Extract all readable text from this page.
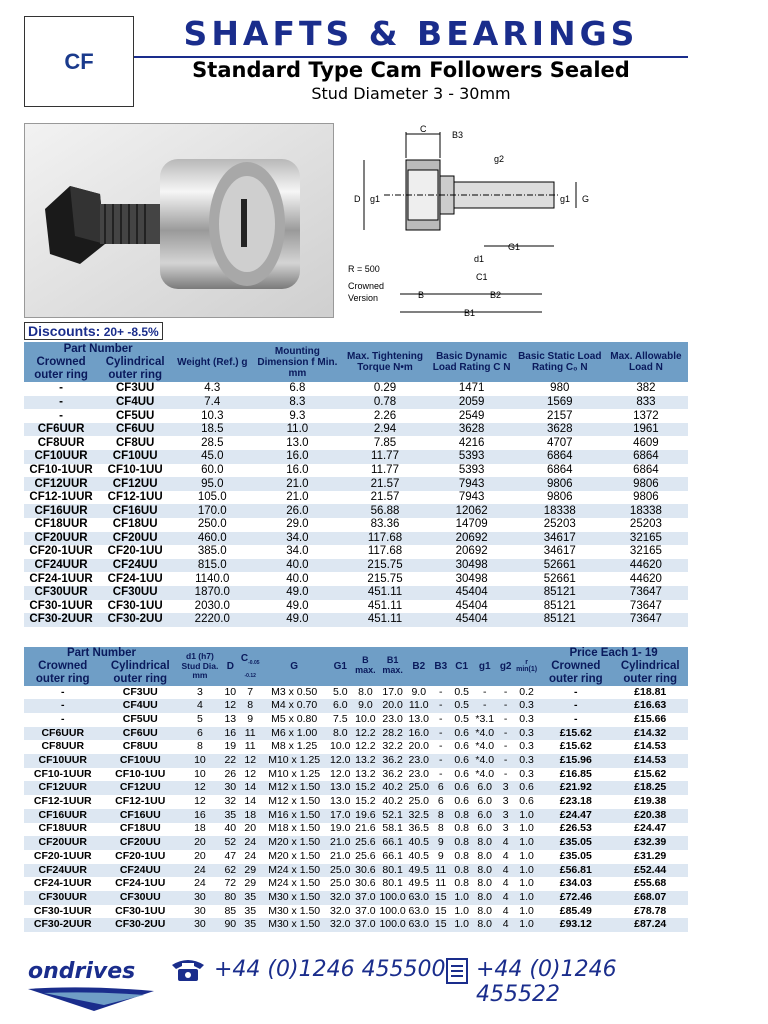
CF
SHAFTS & BEARINGS
Standard Type Cam Followers Sealed
Stud Diameter 3 - 30mm
C
B3
g2
D g1	g1 G
G1
d1
C1
R = 500
Crowned
Version	B	B2
B1
Discounts: 20+ -8.5%
Part Number		Weight (Ref.) g	Mounting Dimension f Min. mm	Max. Tightening Torque N•m	Basic Dynamic Load Rating C N	Basic Static Load Rating C₀ N	Max. Allowable Load N
Crowned outer ring	Cylindrical outer ring						
-	CF3UU	4.3	6.8	0.29	1471	980	382
-	CF4UU	7.4	8.3	0.78	2059	1569	833
-	CF5UU	10.3	9.3	2.26	2549	2157	1372
CF6UUR	CF6UU	18.5	11.0	2.94	3628	3628	1961
CF8UUR	CF8UU	28.5	13.0	7.85	4216	4707	4609
CF10UUR	CF10UU	45.0	16.0	11.77	5393	6864	6864
CF10-1UUR	CF10-1UU	60.0	16.0	11.77	5393	6864	6864
CF12UUR	CF12UU	95.0	21.0	21.57	7943	9806	9806
CF12-1UUR	CF12-1UU	105.0	21.0	21.57	7943	9806	9806
CF16UUR	CF16UU	170.0	26.0	56.88	12062	18338	18338
CF18UUR	CF18UU	250.0	29.0	83.36	14709	25203	25203
CF20UUR	CF20UU	460.0	34.0	117.68	20692	34617	32165
CF20-1UUR	CF20-1UU	385.0	34.0	117.68	20692	34617	32165
CF24UUR	CF24UU	815.0	40.0	215.75	30498	52661	44620
CF24-1UUR	CF24-1UU	1140.0	40.0	215.75	30498	52661	44620
CF30UUR	CF30UU	1870.0	49.0	451.11	45404	85121	73647
CF30-1UUR	CF30-1UU	2030.0	49.0	451.11	45404	85121	73647
CF30-2UUR	CF30-2UU	2220.0	49.0	451.11	45404	85121	73647
Part Number		d1 (h7) Stud Dia. mm	D	$C_{-0.05 -0.12}$	G	G1	B max.	B1 max.	B2	B3	C1	g1	g2	r min(1)	Price Each 1- 19	
Crowned outer ring	Cylindrical outer ring														Crowned outer ring	Cylindrical outer ring
-	CF3UU	3	10	7	M3 x 0.50	5.0	8.0	17.0	9.0	-	0.5	-	-	0.2	-	£18.81
-	CF4UU	4	12	8	M4 x 0.70	6.0	9.0	20.0	11.0	-	0.5	-	-	0.3	-	£16.63
-	CF5UU	5	13	9	M5 x 0.80	7.5	10.0	23.0	13.0	-	0.5	*3.1	-	0.3	-	£15.66
CF6UUR	CF6UU	6	16	11	M6 x 1.00	8.0	12.2	28.2	16.0	-	0.6	*4.0	-	0.3	£15.62	£14.32
CF8UUR	CF8UU	8	19	11	M8 x 1.25	10.0	12.2	32.2	20.0	-	0.6	*4.0	-	0.3	£15.62	£14.53
CF10UUR	CF10UU	10	22	12	M10 x 1.25	12.0	13.2	36.2	23.0	-	0.6	*4.0	-	0.3	£15.96	£14.53
CF10-1UUR	CF10-1UU	10	26	12	M10 x 1.25	12.0	13.2	36.2	23.0	-	0.6	*4.0	-	0.3	£16.85	£15.62
CF12UUR	CF12UU	12	30	14	M12 x 1.50	13.0	15.2	40.2	25.0	6	0.6	6.0	3	0.6	£21.92	£18.25
CF12-1UUR	CF12-1UU	12	32	14	M12 x 1.50	13.0	15.2	40.2	25.0	6	0.6	6.0	3	0.6	£23.18	£19.38
CF16UUR	CF16UU	16	35	18	M16 x 1.50	17.0	19.6	52.1	32.5	8	0.8	6.0	3	1.0	£24.47	£20.38
CF18UUR	CF18UU	18	40	20	M18 x 1.50	19.0	21.6	58.1	36.5	8	0.8	6.0	3	1.0	£26.53	£24.47
CF20UUR	CF20UU	20	52	24	M20 x 1.50	21.0	25.6	66.1	40.5	9	0.8	8.0	4	1.0	£35.05	£32.39
CF20-1UUR	CF20-1UU	20	47	24	M20 x 1.50	21.0	25.6	66.1	40.5	9	0.8	8.0	4	1.0	£35.05	£31.29
CF24UUR	CF24UU	24	62	29	M24 x 1.50	25.0	30.6	80.1	49.5	11	0.8	8.0	4	1.0	£56.81	£52.44
CF24-1UUR	CF24-1UU	24	72	29	M24 x 1.50	25.0	30.6	80.1	49.5	11	0.8	8.0	4	1.0	£34.03	£55.68
CF30UUR	CF30UU	30	80	35	M30 x 1.50	32.0	37.0	100.0	63.0	15	1.0	8.0	4	1.0	£72.46	£68.07
CF30-1UUR	CF30-1UU	30	85	35	M30 x 1.50	32.0	37.0	100.0	63.0	15	1.0	8.0	4	1.0	£85.49	£78.78
CF30-2UUR	CF30-2UU	30	90	35	M30 x 1.50	32.0	37.0	100.0	63.0	15	1.0	8.0	4	1.0	£93.12	£87.24
ondrives	+44 (0)1246 455500 +44 (0)1246 455522
